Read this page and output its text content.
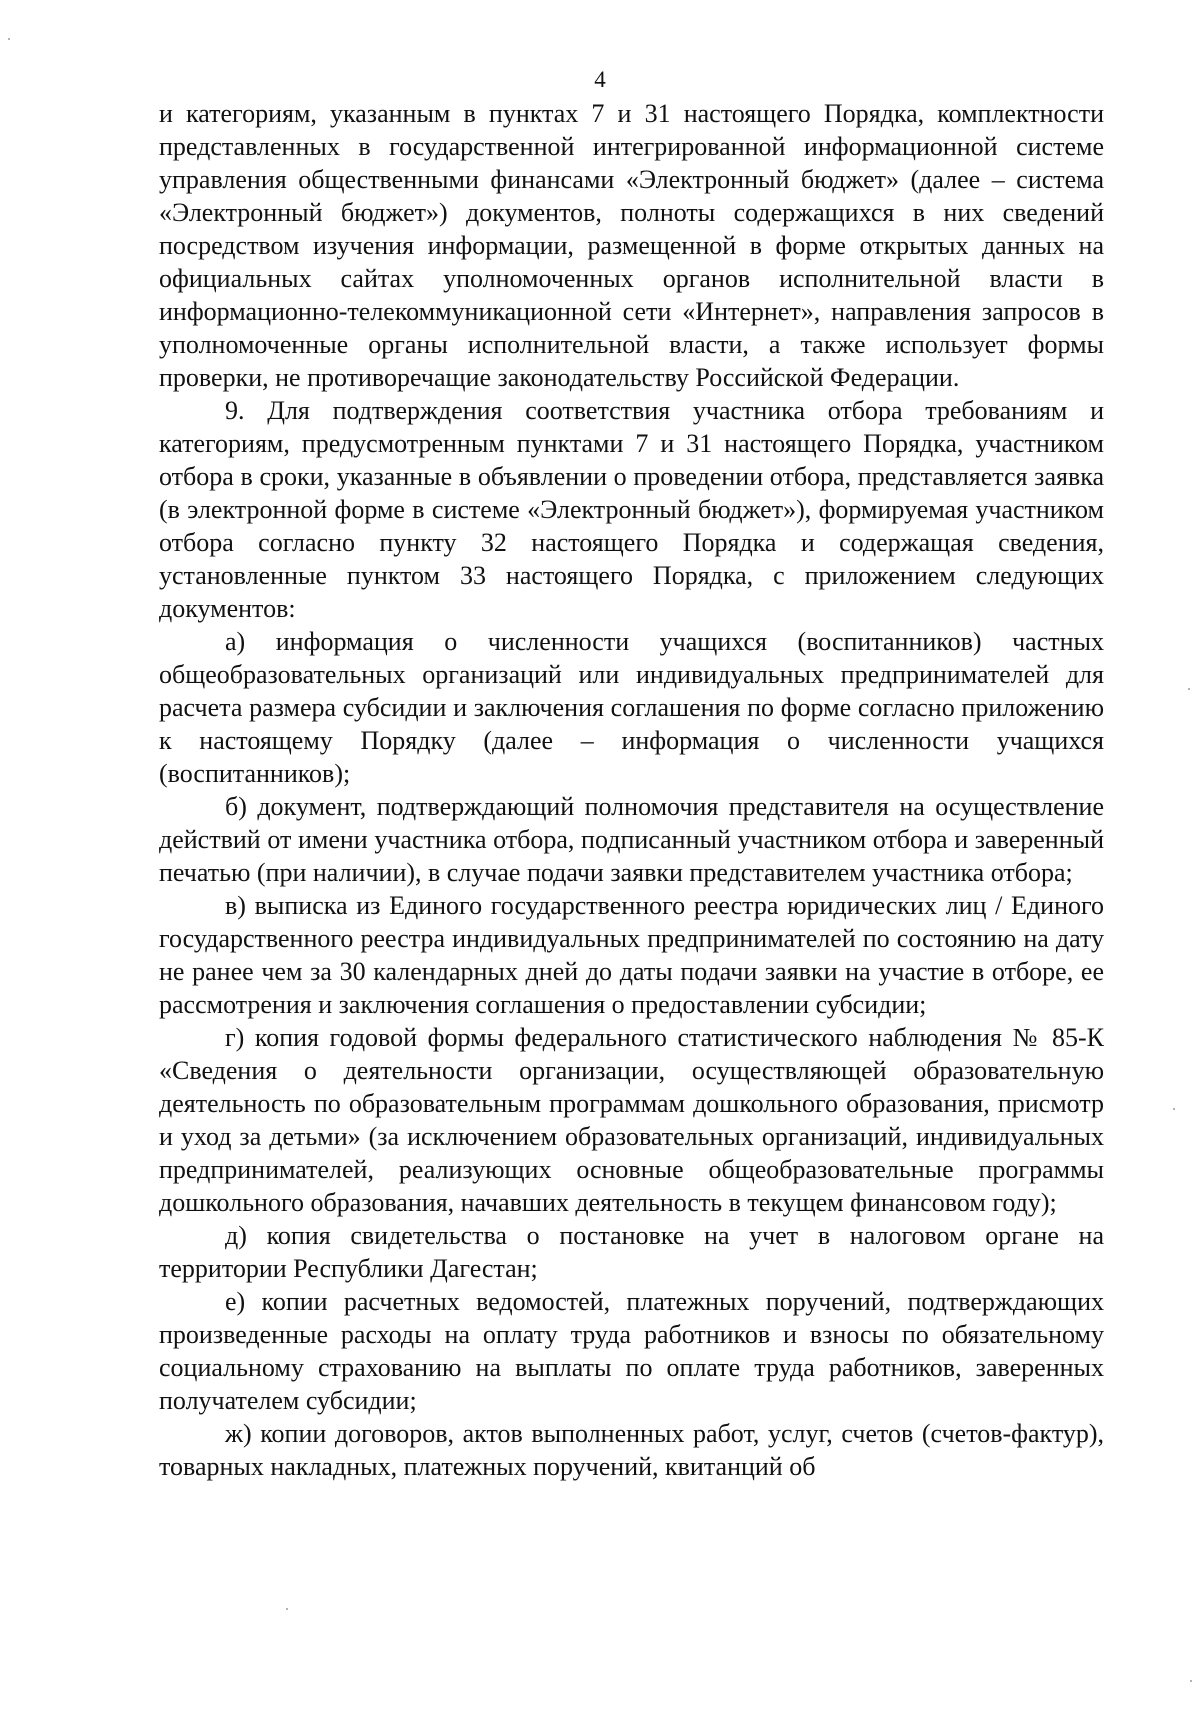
4

и категориям, указанным в пунктах 7 и 31 настоящего Порядка, комплектности представленных в государственной интегрированной информационной системе управления общественными финансами «Электронный бюджет» (далее – система «Электронный бюджет») документов, полноты содержащихся в них сведений посредством изучения информации, размещенной в форме открытых данных на официальных сайтах уполномоченных органов исполнительной власти в информационно-телекоммуникационной сети «Интернет», направления запросов в уполномоченные органы исполнительной власти, а также использует формы проверки, не противоречащие законодательству Российской Федерации.

9. Для подтверждения соответствия участника отбора требованиям и категориям, предусмотренным пунктами 7 и 31 настоящего Порядка, участником отбора в сроки, указанные в объявлении о проведении отбора, представляется заявка (в электронной форме в системе «Электронный бюджет»), формируемая участником отбора согласно пункту 32 настоящего Порядка и содержащая сведения, установленные пунктом 33 настоящего Порядка, с приложением следующих документов:

а) информация о численности учащихся (воспитанников) частных общеобразовательных организаций или индивидуальных предпринимателей для расчета размера субсидии и заключения соглашения по форме согласно приложению к настоящему Порядку (далее – информация о численности учащихся (воспитанников);

б) документ, подтверждающий полномочия представителя на осуществление действий от имени участника отбора, подписанный участником отбора и заверенный печатью (при наличии), в случае подачи заявки представителем участника отбора;

в) выписка из Единого государственного реестра юридических лиц / Единого государственного реестра индивидуальных предпринимателей по состоянию на дату не ранее чем за 30 календарных дней до даты подачи заявки на участие в отборе, ее рассмотрения и заключения соглашения о предоставлении субсидии;

г) копия годовой формы федерального статистического наблюдения № 85-К «Сведения о деятельности организации, осуществляющей образовательную деятельность по образовательным программам дошкольного образования, присмотр и уход за детьми» (за исключением образовательных организаций, индивидуальных предпринимателей, реализующих основные общеобразовательные программы дошкольного образования, начавших деятельность в текущем финансовом году);

д) копия свидетельства о постановке на учет в налоговом органе на территории Республики Дагестан;

е) копии расчетных ведомостей, платежных поручений, подтверждающих произведенные расходы на оплату труда работников и взносы по обязательному социальному страхованию на выплаты по оплате труда работников, заверенных получателем субсидии;

ж) копии договоров, актов выполненных работ, услуг, счетов (счетов-фактур), товарных накладных, платежных поручений, квитанций об
